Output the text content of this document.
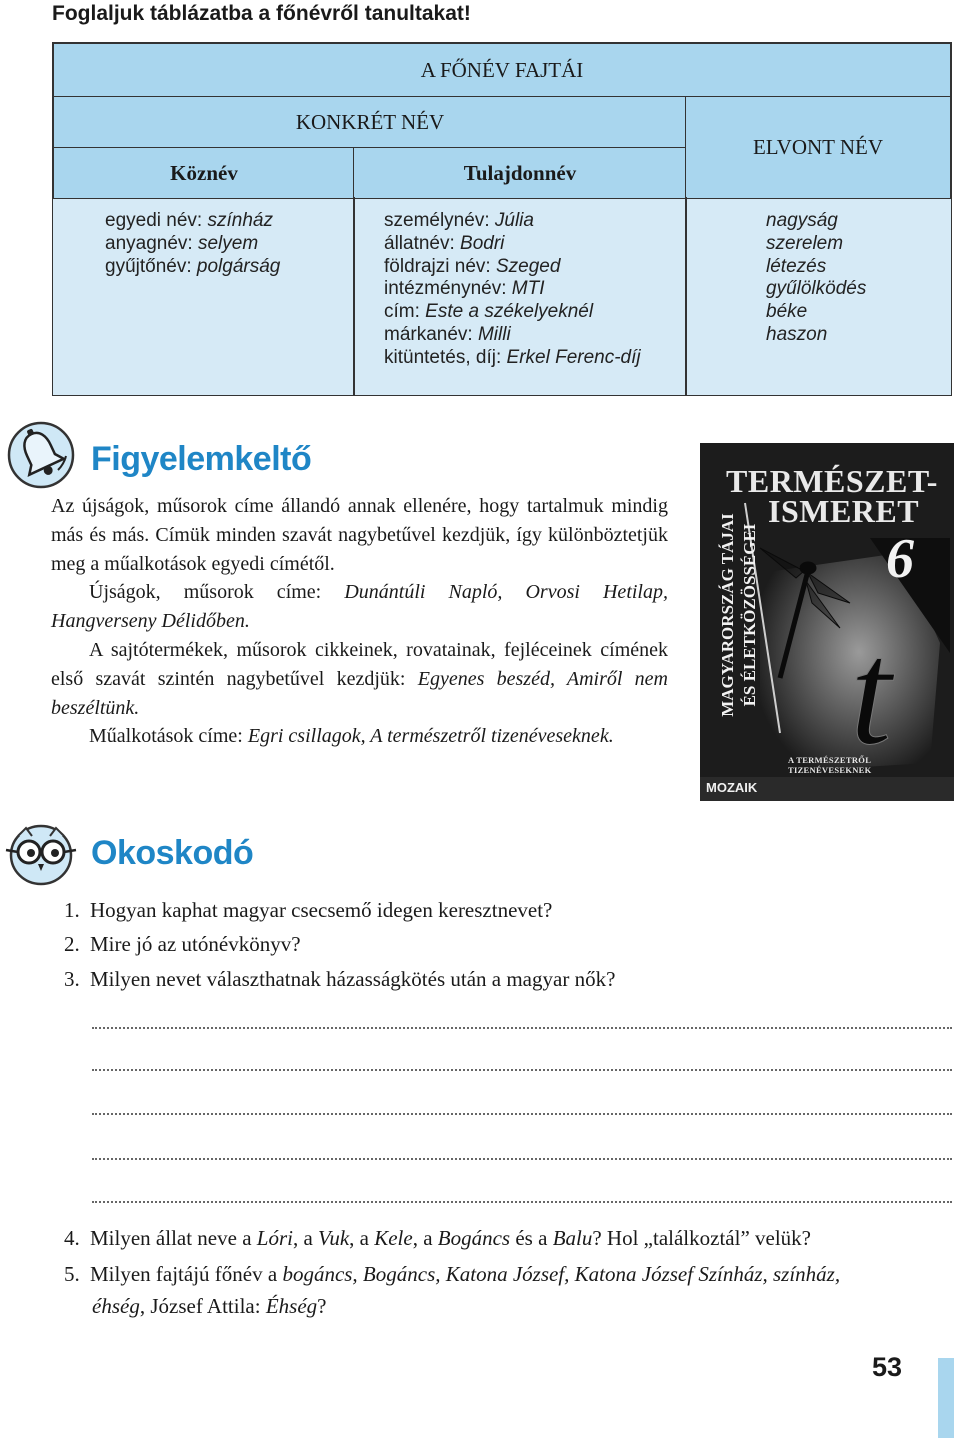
Foglaljuk táblázatba a főnévről tanultakat!
A FŐNÉV FAJTÁI
KONKRÉT NÉV
Köznév	Tulajdonnév
ELVONT NÉV
egyedi név: színház
anyagnév: selyem
gyűjtőnév: polgárság
személynév: Júlia
állatnév: Bodri
földrajzi név: Szeged
intézménynév: MTI
cím: Este a székelyeknél
márkanév: Milli
kitüntetés, díj: Erkel Ferenc-díj
nagyság
szerelem
létezés
gyűlölködés
béke
haszon
Figyelemkeltő

Az újságok, műsorok címe állandó annak ellenére, hogy tartalmuk mindig más és más. Címük minden szavát nagybetűvel kezdjük, így különböztetjük meg a műalkotások egyedi címétől.

Újságok, műsorok címe: Dunántúli Napló, Orvosi Hetilap, Hangverseny Délidőben.

A sajtótermékek, műsorok cikkeinek, rovatainak, fejléceinek címének első szavát szintén nagybetűvel kezdjük: Egyenes beszéd, Amiről nem beszéltünk.

Műalkotások címe: Egri csillagok, A természetről tizenéveseknek.	t
TERMÉSZET-
ISMERET
6
MAGYARORSZÁG TÁJAI ÉS ÉLETKÖZÖSSÉGEI
A TERMÉSZETRŐL TIZENÉVESEKNEK
MOZAIK
Okoskodó
1. Hogyan kaphat magyar csecsemő idegen keresztnevet?
2. Mire jó az utónévkönyv?
3. Milyen nevet választhatnak házasságkötés után a magyar nők?
4. Milyen állat neve a Lóri, a Vuk, a Kele, a Bogáncs és a Balu? Hol „találkoztál” velük?
5. Milyen fajtájú főnév a bogáncs, Bogáncs, Katona József, Katona József Színház, színház,
éhség, József Attila: Éhség?
53
